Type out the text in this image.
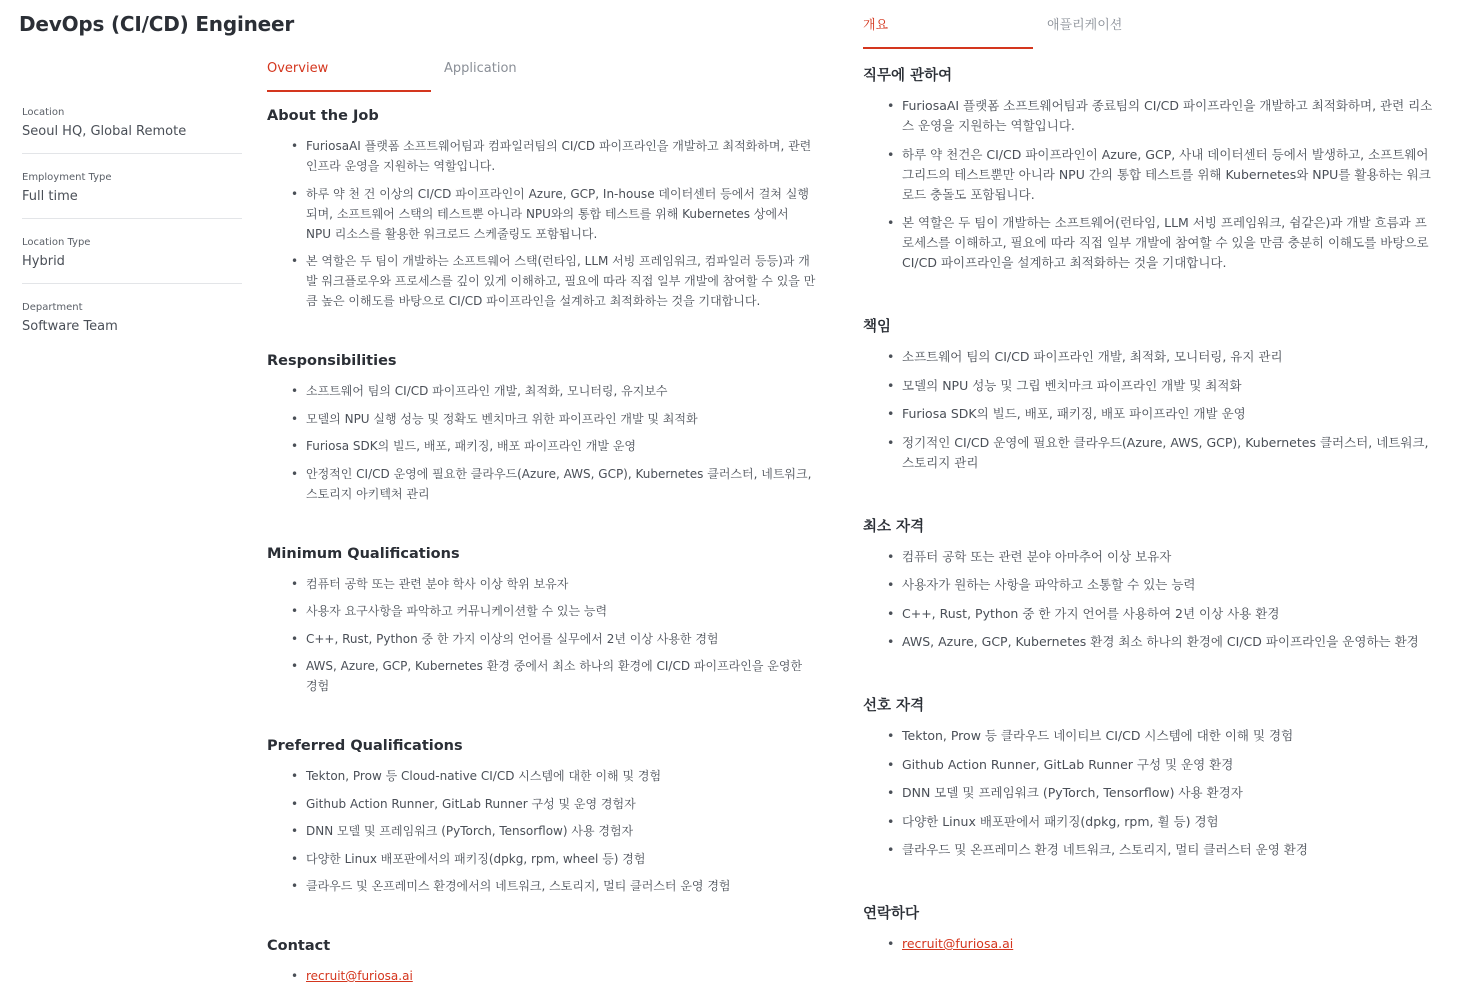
DevOps (CI/CD) Engineer
Location
Seoul HQ, Global Remote
Employment Type
Full time
Location Type
Hybrid
Department
Software Team
Overview	Application
개요	애플리케이션
About the Job
• FuriosaAI 플랫폼 소프트웨어팀과 컴파일러팀의 CI/CD 파이프라인을 개발하고 최적화하며, 관련 인프라 운영을 지원하는 역할입니다.
• 하루 약 천 건 이상의 CI/CD 파이프라인이 Azure, GCP, In-house 데이터센터 등에서 걸쳐 실행되며, 소프트웨어 스택의 테스트뿐 아니라 NPU와의 통합 테스트를 위해 Kubernetes 상에서 NPU 리소스를 활용한 워크로드 스케줄링도 포함됩니다.
• 본 역할은 두 팀이 개발하는 소프트웨어 스택(런타임, LLM 서빙 프레임워크, 컴파일러 등등)과 개발 워크플로우와 프로세스를 깊이 있게 이해하고, 필요에 따라 직접 일부 개발에 참여할 수 있을 만큼 높은 이해도를 바탕으로 CI/CD 파이프라인을 설계하고 최적화하는 것을 기대합니다.
Responsibilities
• 소프트웨어 팀의 CI/CD 파이프라인 개발, 최적화, 모니터링, 유지보수
• 모델의 NPU 실행 성능 및 정확도 벤치마크 위한 파이프라인 개발 및 최적화
• Furiosa SDK의 빌드, 배포, 패키징, 배포 파이프라인 개발 운영
• 안정적인 CI/CD 운영에 필요한 클라우드(Azure, AWS, GCP), Kubernetes 클러스터, 네트워크, 스토리지 아키텍처 관리
Minimum Qualifications
• 컴퓨터 공학 또는 관련 분야 학사 이상 학위 보유자
• 사용자 요구사항을 파악하고 커뮤니케이션할 수 있는 능력
• C++, Rust, Python 중 한 가지 이상의 언어를 실무에서 2년 이상 사용한 경험
• AWS, Azure, GCP, Kubernetes 환경 중에서 최소 하나의 환경에 CI/CD 파이프라인을 운영한 경험
Preferred Qualifications
• Tekton, Prow 등 Cloud-native CI/CD 시스템에 대한 이해 및 경험
• Github Action Runner, GitLab Runner 구성 및 운영 경험자
• DNN 모델 및 프레임워크 (PyTorch, Tensorflow) 사용 경험자
• 다양한 Linux 배포판에서의 패키징(dpkg, rpm, wheel 등) 경험
• 클라우드 및 온프레미스 환경에서의 네트워크, 스토리지, 멀티 클러스터 운영 경험
Contact
• recruit@furiosa.ai
직무에 관하여
• FuriosaAI 플랫폼 소프트웨어팀과 종료팀의 CI/CD 파이프라인을 개발하고 최적화하며, 관련 리소스 운영을 지원하는 역할입니다.
• 하루 약 천건은 CI/CD 파이프라인이 Azure, GCP, 사내 데이터센터 등에서 발생하고, 소프트웨어 그리드의 테스트뿐만 아니라 NPU 간의 통합 테스트를 위해 Kubernetes와 NPU를 활용하는 워크로드 충돌도 포함됩니다.
• 본 역할은 두 팀이 개발하는 소프트웨어(런타임, LLM 서빙 프레임워크, 쉼같은)과 개발 흐름과 프로세스를 이해하고, 필요에 따라 직접 일부 개발에 참여할 수 있을 만큼 충분히 이해도를 바탕으로 CI/CD 파이프라인을 설계하고 최적화하는 것을 기대합니다.
책임
• 소프트웨어 팀의 CI/CD 파이프라인 개발, 최적화, 모니터링, 유지 관리
• 모델의 NPU 성능 및 그립 벤치마크 파이프라인 개발 및 최적화
• Furiosa SDK의 빌드, 배포, 패키징, 배포 파이프라인 개발 운영
• 정기적인 CI/CD 운영에 필요한 클라우드(Azure, AWS, GCP), Kubernetes 클러스터, 네트워크, 스토리지 관리
최소 자격
• 컴퓨터 공학 또는 관련 분야 아마추어 이상 보유자
• 사용자가 원하는 사항을 파악하고 소통할 수 있는 능력
• C++, Rust, Python 중 한 가지 언어를 사용하여 2년 이상 사용 환경
• AWS, Azure, GCP, Kubernetes 환경 최소 하나의 환경에 CI/CD 파이프라인을 운영하는 환경
선호 자격
• Tekton, Prow 등 클라우드 네이티브 CI/CD 시스템에 대한 이해 및 경험
• Github Action Runner, GitLab Runner 구성 및 운영 환경
• DNN 모델 및 프레임워크 (PyTorch, Tensorflow) 사용 환경자
• 다양한 Linux 배포판에서 패키징(dpkg, rpm, 휠 등) 경험
• 클라우드 및 온프레미스 환경 네트워크, 스토리지, 멀티 클러스터 운영 환경
연락하다
• recruit@furiosa.ai
